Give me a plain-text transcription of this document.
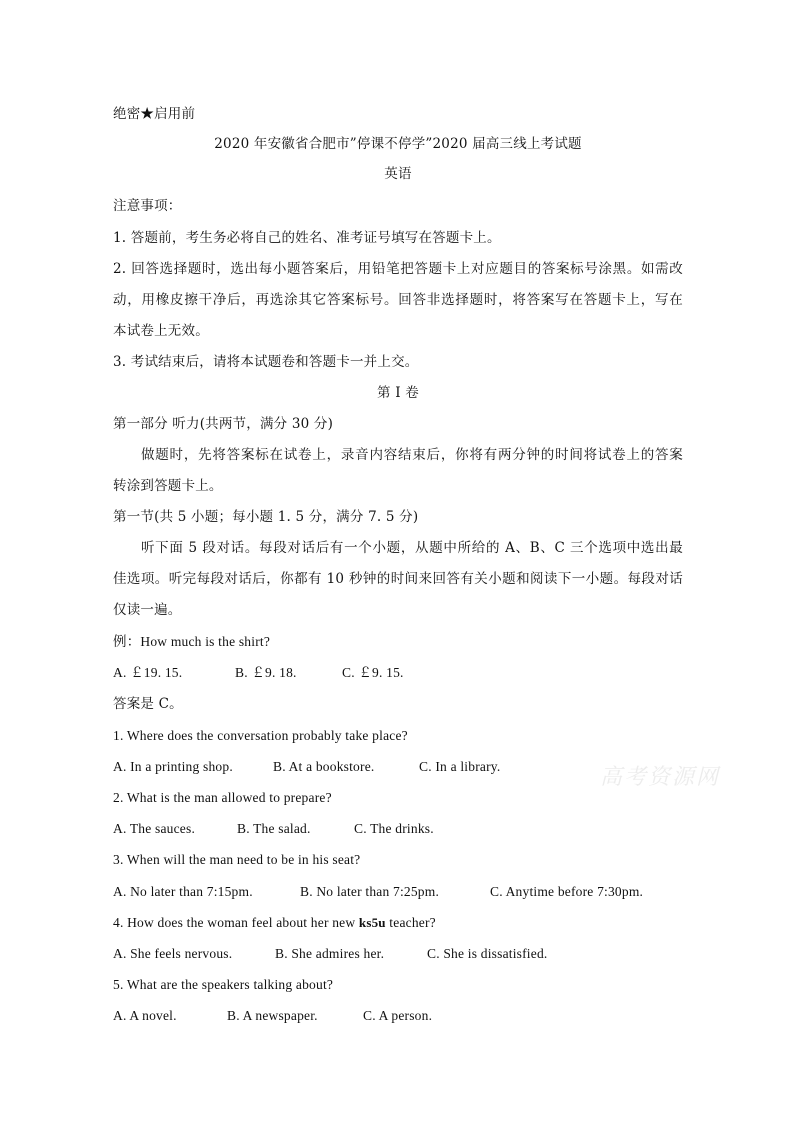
绝密★启用前
2020 年安徽省合肥市”停课不停学”2020 届高三线上考试题
英语
注意事项：
1. 答题前，考生务必将自己的姓名、准考证号填写在答题卡上。
2. 回答选择题时，选出每小题答案后，用铅笔把答题卡上对应题目的答案标号涂黑。如需改
动，用橡皮擦干净后，再选涂其它答案标号。回答非选择题时，将答案写在答题卡上，写在
本试卷上无效。
3. 考试结束后，请将本试题卷和答题卡一并上交。
第 I 卷
第一部分 听力(共两节，满分 30 分)
做题时，先将答案标在试卷上，录音内容结束后，你将有两分钟的时间将试卷上的答案
转涂到答题卡上。
第一节(共 5 小题；每小题 1. 5 分，满分 7. 5 分)
听下面 5 段对话。每段对话后有一个小题，从题中所给的 A、B、C 三个选项中选出最
佳选项。听完每段对话后，你都有 10 秒钟的时间来回答有关小题和阅读下一小题。每段对话
仅读一遍。
例：How much is the shirt?
A. ￡19. 15.	B. ￡9. 18.	C. ￡9. 15.
答案是 C。
1. Where does the conversation probably take place?
A. In a printing shop.	B. At a bookstore.	C. In a library.
2. What is the man allowed to prepare?
A. The sauces.	B. The salad.	C. The drinks.
3. When will the man need to be in his seat?
A. No later than 7:15pm.	B. No later than 7:25pm.	C. Anytime before 7:30pm.
4. How does the woman feel about her new ks5u teacher?
A. She feels nervous.	B. She admires her.	C. She is dissatisfied.
5. What are the speakers talking about?
A. A novel.	B. A newspaper.	C. A person.
高考资源网
